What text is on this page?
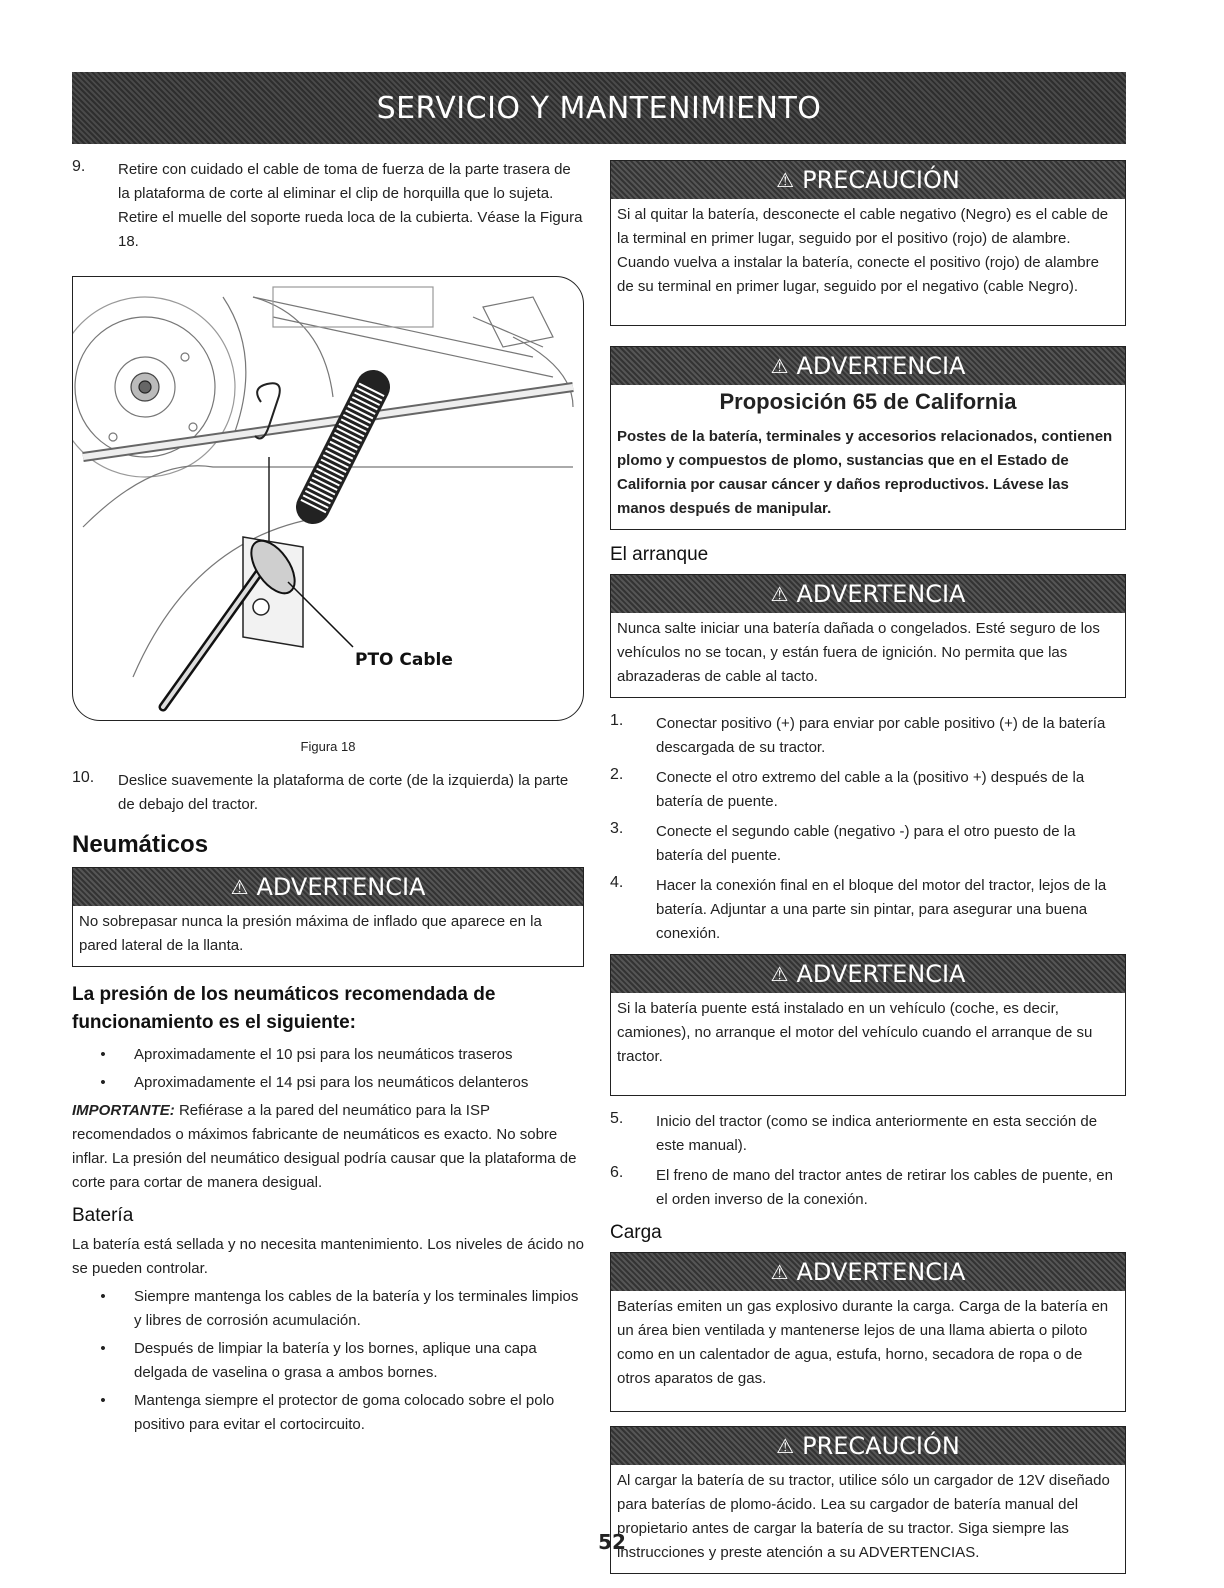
SERVICIO Y MANTENIMIENTO
9.	Retire con cuidado el cable de toma de fuerza de la parte trasera de la plataforma de corte al eliminar el clip de horquilla que lo sujeta. Retire el muelle del soporte rueda loca de la cubierta. Véase la Figura 18.

PTO Cable

Figura 18

10.	Deslice suavemente la plataforma de corte (de la izquierda) la parte de debajo del tractor.

Neumáticos
⚠ ADVERTENCIA
No sobrepasar nunca la presión máxima de inflado que aparece en la pared lateral de la llanta.
La presión de los neumáticos recomendada de funcionamiento es el siguiente:
•	Aproximadamente el 10 psi para los neumáticos traseros
•	Aproximadamente el 14 psi para los neumáticos delanteros

IMPORTANTE: Refiérase a la pared del neumático para la ISP recomendados o máximos fabricante de neumáticos es exacto. No sobre inflar. La presión del neumático desigual podría causar que la plataforma de corte para cortar de manera desigual.

Batería

La batería está sellada y no necesita mantenimiento. Los niveles de ácido no se pueden controlar.

•	Siempre mantenga los cables de la batería y los terminales limpios y libres de corrosión acumulación.
•	Después de limpiar la batería y los bornes, aplique una capa delgada de vaselina o grasa a ambos bornes.
•	Mantenga siempre el protector de goma colocado sobre el polo positivo para evitar el cortocircuito.
⚠ PRECAUCIÓN
Si al quitar la batería, desconecte el cable negativo (Negro) es el cable de la terminal en primer lugar, seguido por el positivo (rojo) de alambre. Cuando vuelva a instalar la batería, conecte el positivo (rojo) de alambre de su terminal en primer lugar, seguido por el negativo (cable Negro).
⚠ ADVERTENCIA
Proposición 65 de California
Postes de la batería, terminales y accesorios relacionados, contienen plomo y compuestos de plomo, sustancias que en el Estado de California por causar cáncer y daños reproductivos. Lávese las manos después de manipular.
El arranque
⚠ ADVERTENCIA
Nunca salte iniciar una batería dañada o congelados. Esté seguro de los vehículos no se tocan, y están fuera de ignición. No permita que las abrazaderas de cable al tacto.
1.	Conectar positivo (+) para enviar por cable positivo (+) de la batería descargada de su tractor.

2.	Conecte el otro extremo del cable a la (positivo +) después de la batería de puente.

3.	Conecte el segundo cable (negativo -) para el otro puesto de la batería del puente.

4.	Hacer la conexión final en el bloque del motor del tractor, lejos de la batería. Adjuntar a una parte sin pintar, para asegurar una buena conexión.

⚠ ADVERTENCIA
Si la batería puente está instalado en un vehículo (coche, es decir, camiones), no arranque el motor del vehículo cuando el arranque de su tractor.
5.	Inicio del tractor (como se indica anteriormente en esta sección de este manual).

6.	El freno de mano del tractor antes de retirar los cables de puente, en el orden inverso de la conexión.

Carga
⚠ ADVERTENCIA
Baterías emiten un gas explosivo durante la carga. Carga de la batería en un área bien ventilada y mantenerse lejos de una llama abierta o piloto como en un calentador de agua, estufa, horno, secadora de ropa o de otros aparatos de gas.
⚠ PRECAUCIÓN
Al cargar la batería de su tractor, utilice sólo un cargador de 12V diseñado para baterías de plomo-ácido. Lea su cargador de batería manual del propietario antes de cargar la batería de su tractor. Siga siempre las instrucciones y preste atención a su ADVERTENCIAS.
52
